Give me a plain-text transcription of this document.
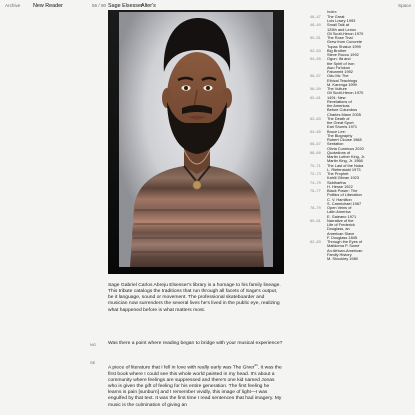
Archive New Reader	56 / 90 Sage Elsesser
Alter's	Space
Index
46–47 The Great
Lois Lowry 1993
48–49 Small Talk at
125th and Lenox
Gil Scott-Heron 1970
50–51 The Rose That
Grew from Concrete
Tupac Shakur 1999
52–53 Big Brother
Steve Rocco 1992
54–55 Ogun: Ifá and
the Spirit of Iron
Awo Fa'lokun
Fatunmbi 1992
56–57 Odu Ifá: The
Ethical Teachings
M. Karenga 1999
58–59 The Vulture
Gil Scott-Heron 1970
60–61 1491: New
Revelations of
the Americas
Before Columbus
Charles Mann 2005
62–63 The Death of
the Great Sport
Earl Shorris 1971
64–65 Bruce Lee:
The Biography
Robert Clouse 1988
66–67 Sentation
Olivia Cuneicus 2020
68–69 Quotations of
Martin Luther King, Jr.
Martin King, Jr. 1968
70–71 The Last of the Nuba
L. Riefenstahl 1973
72–73 The Prophet
Kahlil Gibran 1923
74–75 Siddhartha
H. Hesse 1922
76–77 Black Power: The
Politics of Liberation
C. V. Hamilton
S. Carmichael 1967
78–79 Open Veins of
Latin America
E. Galeano 1971
80–81 Narrative of the
Life of Frederick
Douglass, an
American Slave
F. Douglass 1845
82–83 Through the Eyes of
Malidoma P. Somé
An African-American
Family History
M. Shockley 1980
Sage Gabriel Carlos Abreju Elsesser's library is a homage to his family lineage. This tribute catalogs the traditions that run through all facets of Sage's output, be it language, sound or movement. The professional skateboarder and musician now surrenders the several lives he's lived in the public eye, realizing what happened before is what matters most.
NG Was there a point where reading began to bridge with your musical experience?
SE
A piece of literature that I fell in love with really early was The Giver$^{01}$. It was the first book where I could see this whole world painted in my head. It's about a community where feelings are suppressed and there's one kid named Jonas who is given the gift of feeling for his entire generation. The first feeling he learns is pain [sunburn] and I remember vividly, this image of light—I was engulfed by that text. It was the first time I read sentences that had imagery. My music is the culmination of giving an
